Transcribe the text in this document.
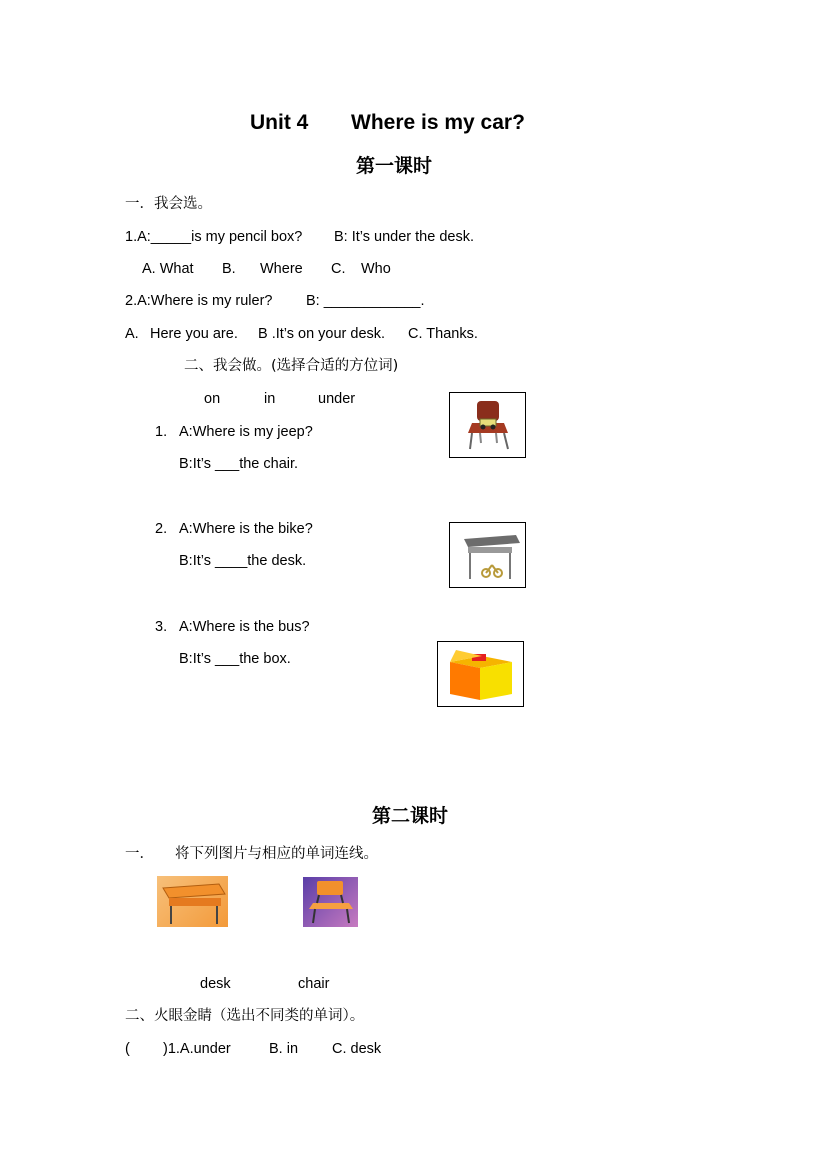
Unit 4 Where is my car?
第一课时
一．我会选。
1.A:_____is my pencil box? B: It’s under the desk.
A. What B. Where C. Who
2.A:Where is my ruler? B: ____________.
A. Here you are. B .It’s on your desk. C. Thanks.
二、我会做。(选择合适的方位词)
on	in	under
1. A:Where is my jeep?
B:It’s ___the chair.
2. A:Where is the bike?
B:It’s ____the desk.
3. A:Where is the bus?
B:It’s ___the box.
第二课时
一． 将下列图片与相应的单词连线。
desk	chair
二、火眼金睛（选出不同类的单词）。
( )1.A.under	B. in C. desk
